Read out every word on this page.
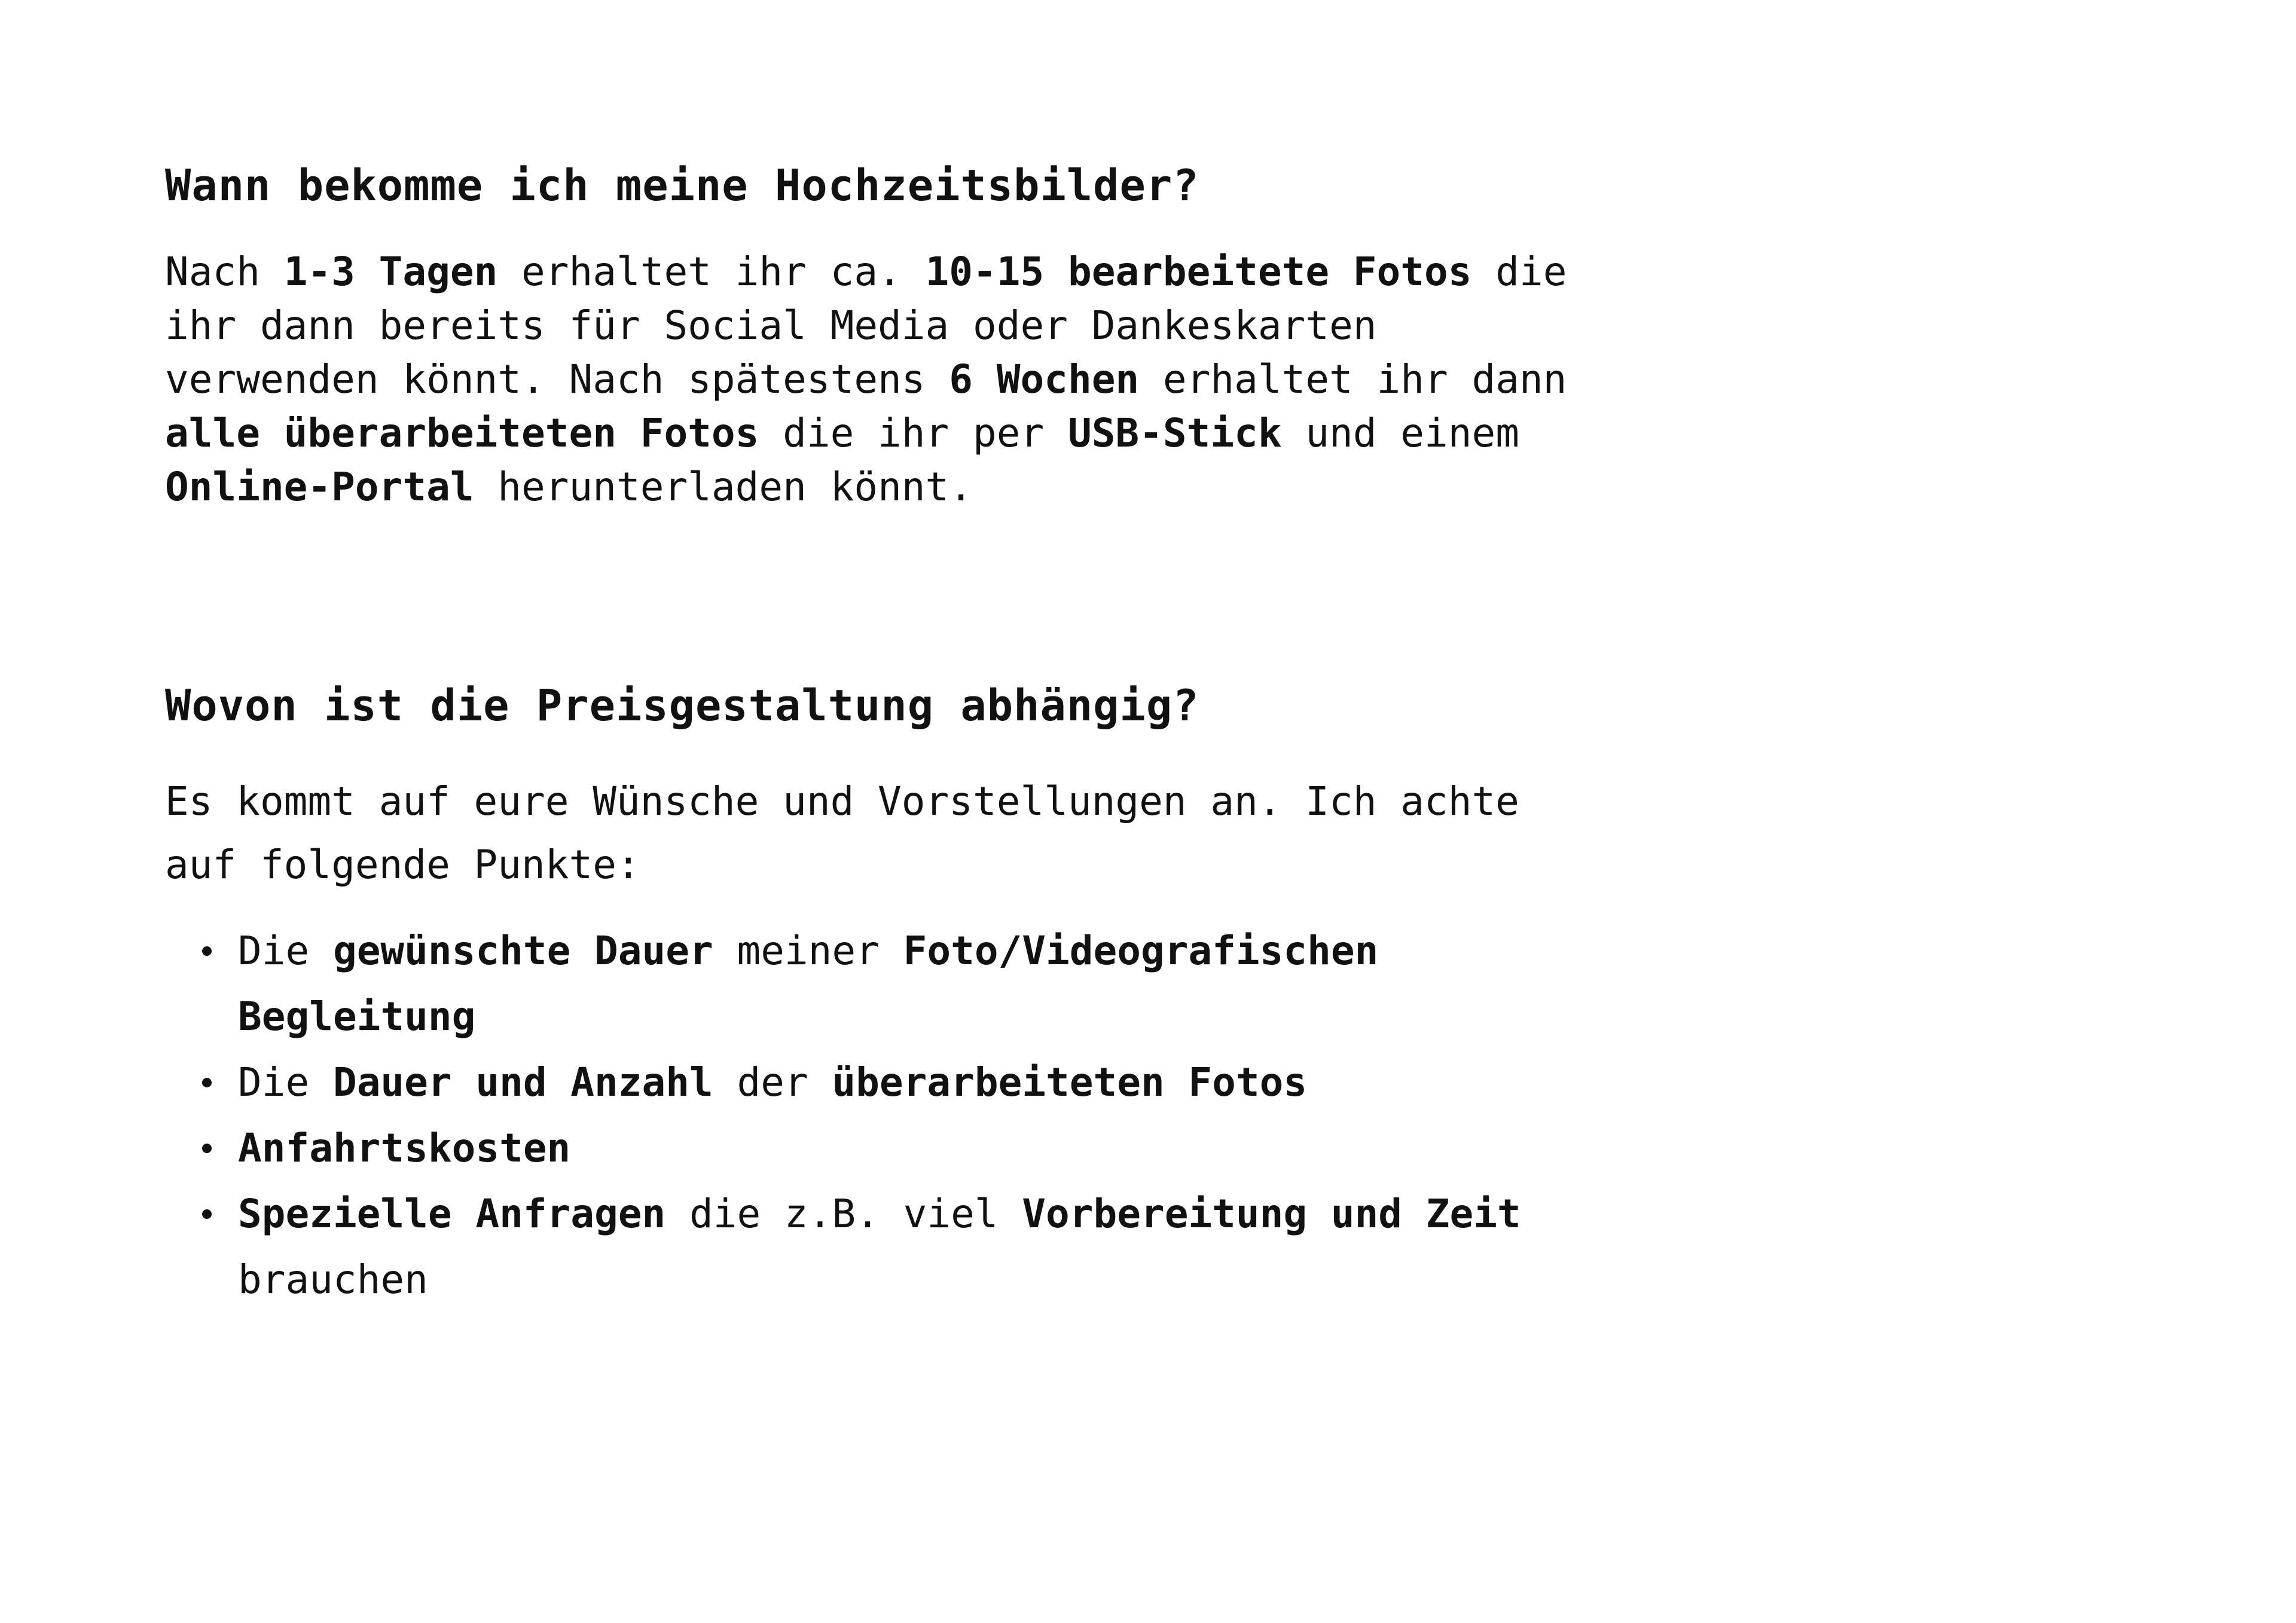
Wann bekomme ich meine Hochzeitsbilder?
Nach 1-3 Tagen erhaltet ihr ca. 10-15 bearbeitete Fotos die
ihr dann bereits für Social Media oder Dankeskarten
verwenden könnt. Nach spätestens 6 Wochen erhaltet ihr dann
alle überarbeiteten Fotos die ihr per USB-Stick und einem
Online-Portal herunterladen könnt.
Wovon ist die Preisgestaltung abhängig?
Es kommt auf eure Wünsche und Vorstellungen an. Ich achte
auf folgende Punkte:
Die gewünschte Dauer meiner Foto/Videografischen
Begleitung
Die Dauer und Anzahl der überarbeiteten Fotos
Anfahrtskosten
Spezielle Anfragen die z.B. viel Vorbereitung und Zeit
brauchen
